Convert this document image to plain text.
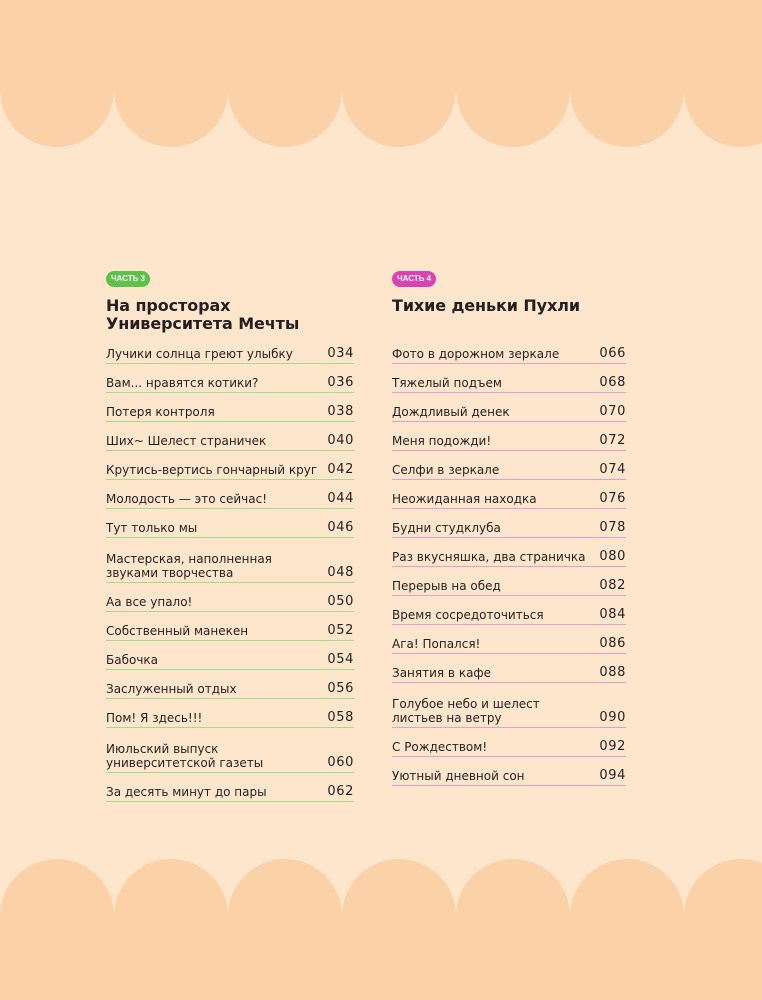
ЧАСТЬ 3
На просторах
Университета Мечты
Лучики солнца греют улыбку	034
Вам... нравятся котики?	036
Потеря контроля	038
Ших~ Шелест страничек	040
Крутись-вертись гончарный круг 042
Молодость — это сейчас!	044
Тут только мы	046
Мастерская, наполненная звуками творчества	048
Аа все упало!	050
Собственный манекен	052
Бабочка	054
Заслуженный отдых	056
Пом! Я здесь!!!	058
Июльский выпуск университетской газеты	060
За десять минут до пары	062
ЧАСТЬ 4
Тихие деньки Пухли
Фото в дорожном зеркале	066
Тяжелый подъем	068
Дождливый денек	070
Меня подожди!	072
Селфи в зеркале	074
Неожиданная находка	076
Будни студклуба	078
Раз вкусняшка, два страничка	080
Перерыв на обед	082
Время сосредоточиться	084
Ага! Попался!	086
Занятия в кафе	088
Голубое небо и шелест листьев на ветру	090
С Рождеством!	092
Уютный дневной сон	094
